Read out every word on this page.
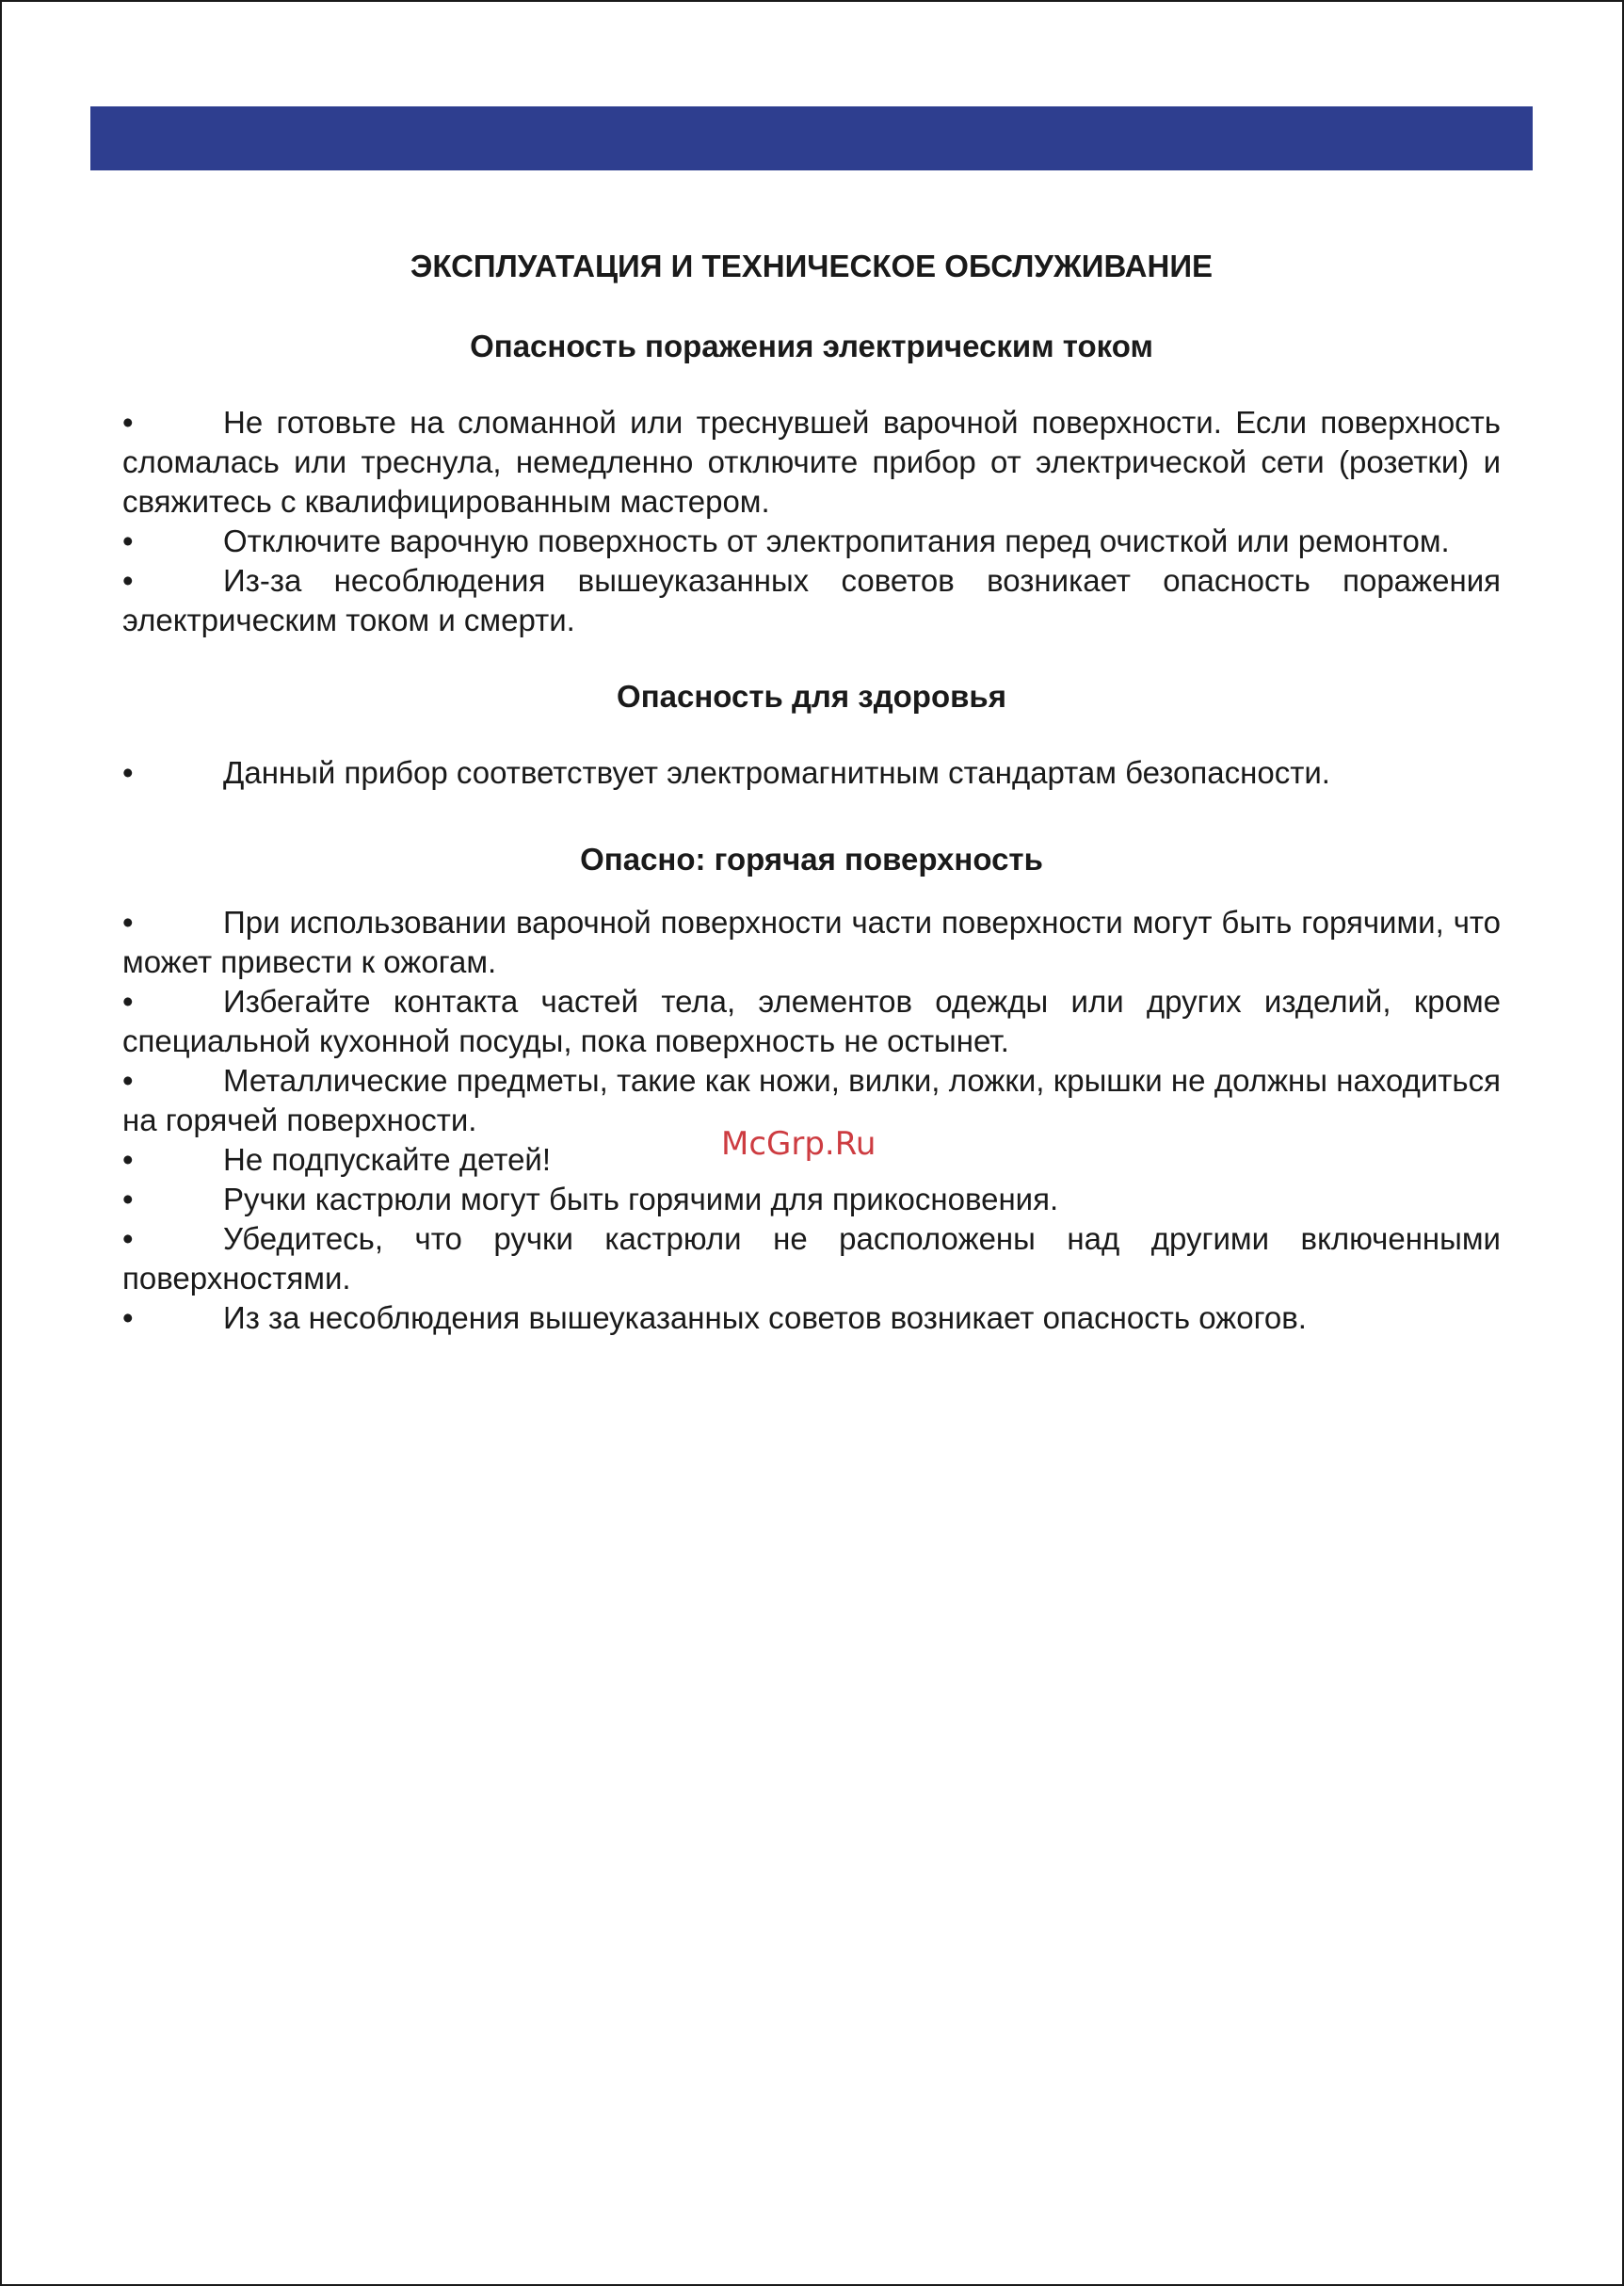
ЭКСПЛУАТАЦИЯ И ТЕХНИЧЕСКОЕ ОБСЛУЖИВАНИЕ
Опасность поражения электрическим током
•	Не готовьте на сломанной или треснувшей варочной поверхности. Если поверхность сломалась или треснула, немедленно отключите прибор от электрической сети (розетки) и свяжитесь с квалифицированным мастером.
•	Отключите варочную поверхность от электропитания перед очисткой или ремонтом.
•	Из-за несоблюдения вышеуказанных советов возникает опасность поражения электрическим током и смерти.
Опасность для здоровья
•	Данный прибор соответствует электромагнитным стандартам безопасности.
Опасно: горячая поверхность
•	При использовании варочной поверхности части поверхности могут быть горячими, что может привести к ожогам.
•	Избегайте контакта частей тела, элементов одежды или других изделий, кроме специальной кухонной посуды, пока поверхность не остынет.
•	Металлические предметы, такие как ножи, вилки, ложки, крышки не должны находиться на горячей поверхности.
•	Не подпускайте детей!
•	Ручки кастрюли могут быть горячими для прикосновения.
•	Убедитесь, что ручки кастрюли не расположены над другими включенными поверхностями.
•	Из за несоблюдения вышеуказанных советов возникает опасность ожогов.
McGrp.Ru
